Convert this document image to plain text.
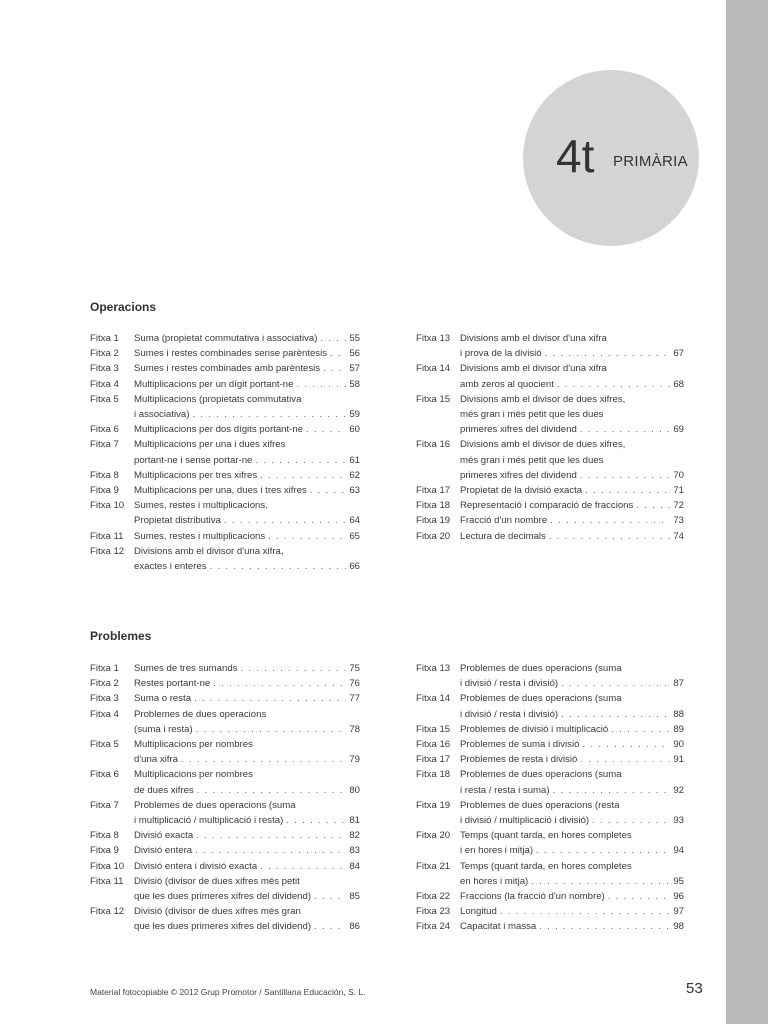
4t PRIMÀRIA
Operacions
Fitxa 1	Suma (propietat commutativa i associativa) . . .	55
Fitxa 2	Sumes i restes combinades sense parèntesis . . . 56
Fitxa 3	Sumes i restes combinades amb parèntesis . . .	57
Fitxa 4	Multiplicacions per un dígit portant-ne . . .	58
Fitxa 5	Multiplicacions (propietats commutativa
i associativa) . . .	59
Fitxa 6	Multiplicacions per dos dígits portant-ne . . .	60
Fitxa 7	Multiplicacions per una i dues xifres
portant-ne i sense portar-ne . . .	61
Fitxa 8	Multiplicacions per tres xifres . . .	62
Fitxa 9	Multiplicacions per una, dues i tres xifres . . .	63
Fitxa 10	Sumes, restes i multiplicacions.
Propietat distributiva . . .	64
Fitxa 11	Sumes, restes i multiplicacions . . .	65
Fitxa 12	Divisions amb el divisor d'una xifra,
exactes i enteres . . .	66
Fitxa 13	Divisions amb el divisor d'una xifra
i prova de la divisió . . .	67
Fitxa 14	Divisions amb el divisor d'una xifra
amb zeros al quocient . . .	68
Fitxa 15	Divisions amb el divisor de dues xifres,
més gran i més petit que les dues
primeres xifres del dividend . . .	69
Fitxa 16	Divisions amb el divisor de dues xifres,
més gran i més petit que les dues
primeres xifres del dividend . . .	70
Fitxa 17	Propietat de la divisió exacta . . .	71
Fitxa 18	Representació i comparació de fraccions . . .	72
Fitxa 19	Fracció d'un nombre . . .	73
Fitxa 20	Lectura de decimals . . .	74
Problemes
Fitxa 1	Sumes de tres sumands . . .	75
Fitxa 2	Restes portant-ne . . .	76
Fitxa 3	Suma o resta . . .	77
Fitxa 4	Problemes de dues operacions
(suma i resta) . . .	78
Fitxa 5	Multiplicacions per nombres
d'una xifra . . .	79
Fitxa 6	Multiplicacions per nombres
de dues xifres . . .	80
Fitxa 7	Problemes de dues operacions (suma
i multiplicació / multiplicació i resta) . . .	81
Fitxa 8	Divisió exacta . . .	82
Fitxa 9	Divisió entera . . .	83
Fitxa 10	Divisió entera i divisió exacta . . .	84
Fitxa 11	Divisió (divisor de dues xifres més petit
que les dues primeres xifres del dividend) . . .	85
Fitxa 12	Divisió (divisor de dues xifres més gran
que les dues primeres xifres del dividend) . . .	86
Fitxa 13	Problemes de dues operacions (suma
i divisió / resta i divisió) . . .	87
Fitxa 14	Problemes de dues operacions (suma
i divisió / resta i divisió) . . .	88
Fitxa 15	Problemes de divisió i multiplicació . . .	89
Fitxa 16	Problemes de suma i divisió . . .	90
Fitxa 17	Problemes de resta i divisió . . .	91
Fitxa 18	Problemes de dues operacions (suma
i resta / resta i suma) . . .	92
Fitxa 19	Problemes de dues operacions (resta
i divisió / multiplicació i divisió) . . .	93
Fitxa 20	Temps (quant tarda, en hores completes
i en hores i mitja) . . .	94
Fitxa 21	Temps (quant tarda, en hores completes
en hores i mitja) . . .	95
Fitxa 22	Fraccions (la fracció d'un nombre) . . .	96
Fitxa 23	Longitud . . .	97
Fitxa 24	Capacitat i massa . . .	98
Material fotocopiable © 2012 Grup Promotor / Santillana Educación, S. L.	53
